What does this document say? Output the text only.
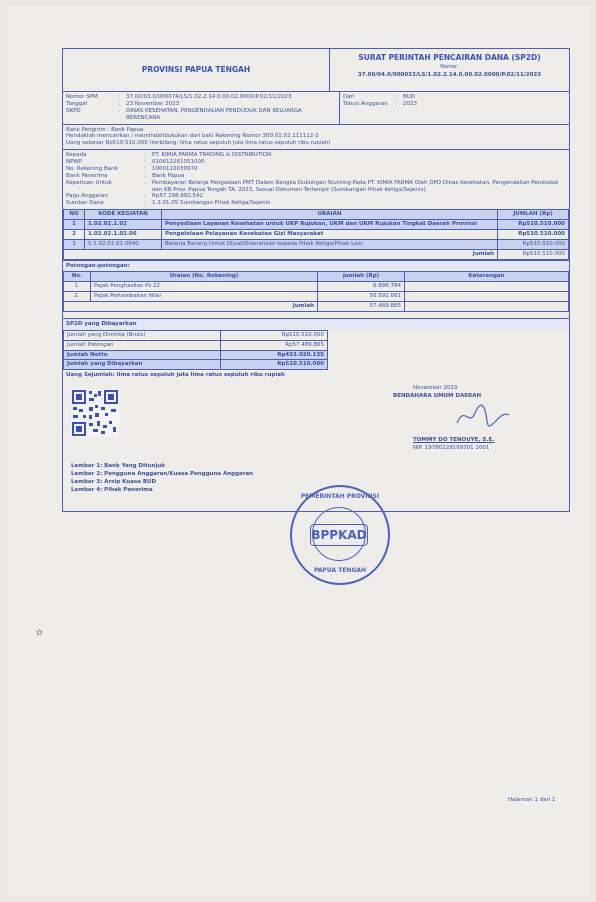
PROVINSI PAPUA TENGAH
SURAT PERINTAH PENCAIRAN DANA (SP2D)
Nomor:
37.00/04.0/000033/LS/1.02.2.14.0.00.02.0000/P.02/11/2023
Nomor SPM	:	37.00/03.0/000074/LS/1.02.2.14.0.00.02.0000/P.02/11/2023
Tanggal	:	23 November 2023
SKPD	:	DINAS KESEHATAN, PENGENDALIAN PENDUDUK DAN KELUARGA BERENCANA
Dari	:	BUD
Tahun Anggaran	:	2023
Bank Pengirim : Bank Papua
Hendaklah mencairkan / memindahbukukan dari baki Rekening Nomor 300.01.02.111112-2
Uang sebesar Rp510.510.000 (terbilang: lima ratus sepuluh juta lima ratus sepuluh ribu rupiah)
Kepada	:	PT. KIMIA FARMA TRADING & DISTRIBUTION
NPWP	:	010612281051000
No. Rekening Bank	:	1000110039970
Bank Penerima	:	Bank Papua
Keperluan Untuk	:	Pembayaran Belanja Pengadaan PMT Dalam Rangka Dukungan Stunting Pada PT. KIMIA FARMA Oleh OPD Dinas Kesehatan, Pengendalian Penduduk dan KB Prov. Papua Tengah TA. 2023, Sesuai Dokumen Terlampir (Sumbangan Pihak Ketiga/Sejenis).
Pagu Anggaran	:	Rp57.298.992.542
Sumber Dana	:	1.3.01.05 Sumbangan Pihak Ketiga/Sejenis
NO	KODE KEGIATAN	URAIAN	JUMLAH (Rp)
1	1.02.02.1.02	Penyediaan Layanan Kesehatan untuk UKP Rujukan, UKM dan UKM Rujukan Tingkat Daerah Provinsi	Rp510.510.000
2	1.02.02.1.02.06	Pengelolaan Pelayanan Kesehatan Gizi Masyarakat	Rp510.510.000
3	5.1.02.01.01.0040	Belanja Barang Untuk Dijual/Diserahkan kepada Pihak Ketiga/Pihak Lain	Rp510.510.000
Jumlah			Rp510.510.000
Potongan-potongan:
No.	Uraian (No. Rekening)	Jumlah (Rp)	Keterangan
1.	Pajak Penghasilan Ps 22	6.898.784	
2.	Pajak Pertambahan Nilai	50.591.081	
Jumlah		57.489.865	
SP2D yang Dibayarkan
Jumlah yang Diminta (Bruto)	Rp510.510.000
Jumlah Potongan	Rp57.489.865
Jumlah Netto	Rp453.020.135
Jumlah yang Dibayarkan	Rp510.510.000
Uang Sejumlah: lima ratus sepuluh juta lima ratus sepuluh ribu rupiah
November 2023
BENDAHARA UMUM DAERAH
TOMMY DO TENOUYE, S.E.
NIP. 19780129199701 1001
Lembar 1: Bank Yang Ditunjuk
Lembar 2: Pengguna Anggaran/Kuasa Pengguna Anggaran
Lembar 3: Arsip Kuasa BUD
Lembar 4: Pihak Penerima
PEMERINTAH PROVINSI
BPPKAD
PAPUA TENGAH
✿
Halaman 1 dari 1
